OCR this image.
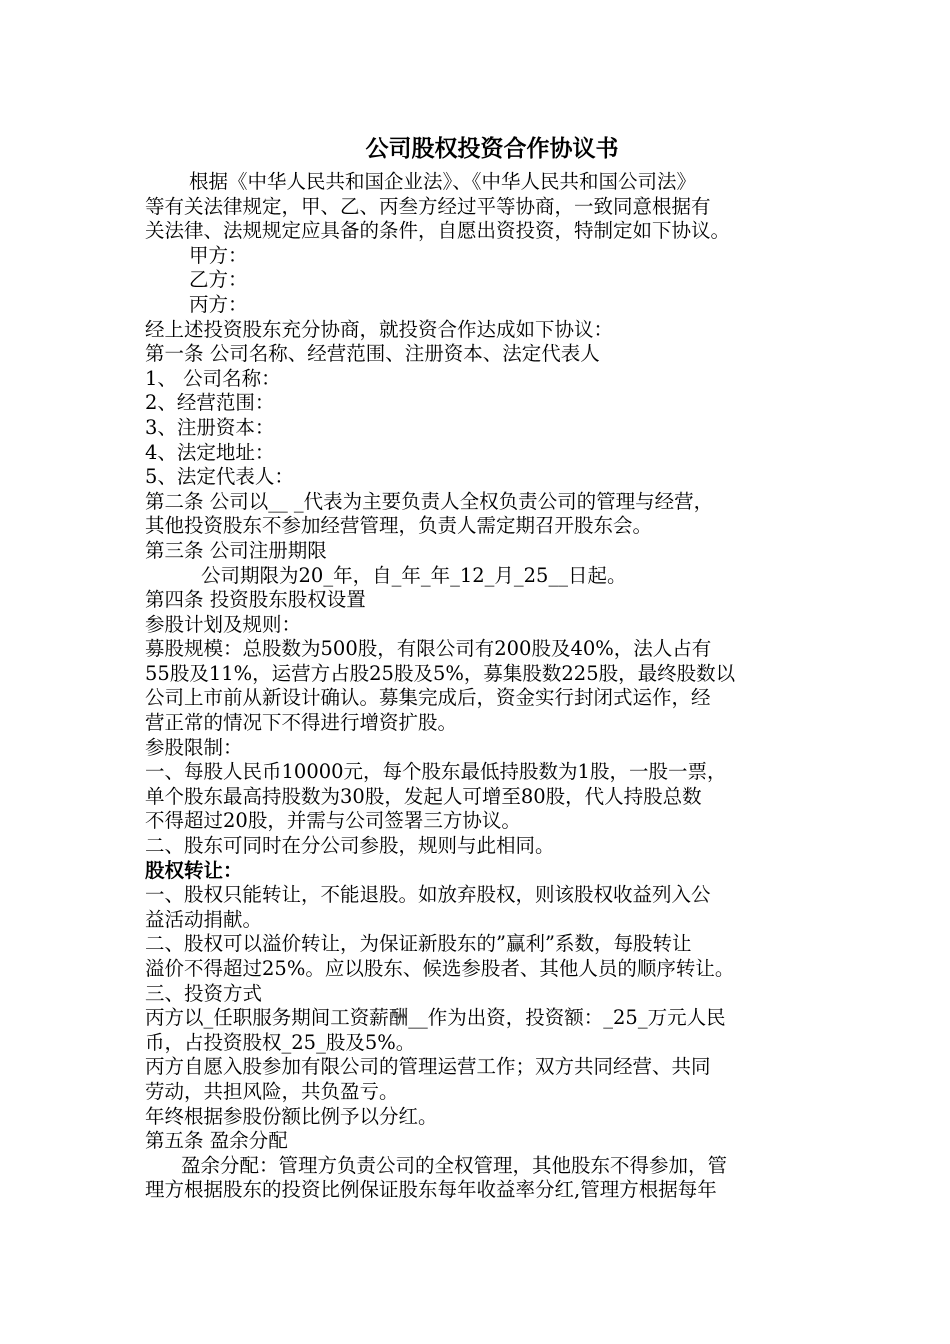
公司股权投资合作协议书
根据《中华人民共和国企业法》、《中华人民共和国公司法》
等有关法律规定，甲、乙、丙叁方经过平等协商，一致同意根据有
关法律、法规规定应具备的条件，自愿出资投资，特制定如下协议。
甲方：
乙方：
丙方：
经上述投资股东充分协商，就投资合作达成如下协议：
第一条 公司名称、经营范围、注册资本、法定代表人
1、 公司名称：
2、经营范围：
3、注册资本：
4、法定地址：
5、法定代表人：
第二条 公司以__ _代表为主要负责人全权负责公司的管理与经营，
其他投资股东不参加经营管理，负责人需定期召开股东会。
第三条 公司注册期限
公司期限为20_年，自_年_年_12_月_25__日起。
第四条 投资股东股权设置
参股计划及规则：
募股规模：总股数为500股，有限公司有200股及40%，法人占有
55股及11%，运营方占股25股及5%，募集股数225股，最终股数以
公司上市前从新设计确认。募集完成后，资金实行封闭式运作，经
营正常的情况下不得进行增资扩股。
参股限制：
一、每股人民币10000元，每个股东最低持股数为1股，一股一票，
单个股东最高持股数为30股，发起人可增至80股，代人持股总数
不得超过20股，并需与公司签署三方协议。
二、股东可同时在分公司参股，规则与此相同。
股权转让：
一、股权只能转让，不能退股。如放弃股权，则该股权收益列入公
益活动捐献。
二、股权可以溢价转让，为保证新股东的”赢利”系数，每股转让
溢价不得超过25%。应以股东、候选参股者、其他人员的顺序转让。
三、投资方式
丙方以_任职服务期间工资薪酬__作为出资，投资额：_25_万元人民
币，占投资股权_25_股及5%。
丙方自愿入股参加有限公司的管理运营工作；双方共同经营、共同
劳动，共担风险，共负盈亏。
年终根据参股份额比例予以分红。
第五条 盈余分配
盈余分配：管理方负责公司的全权管理，其他股东不得参加，管
理方根据股东的投资比例保证股东每年收益率分红,管理方根据每年
